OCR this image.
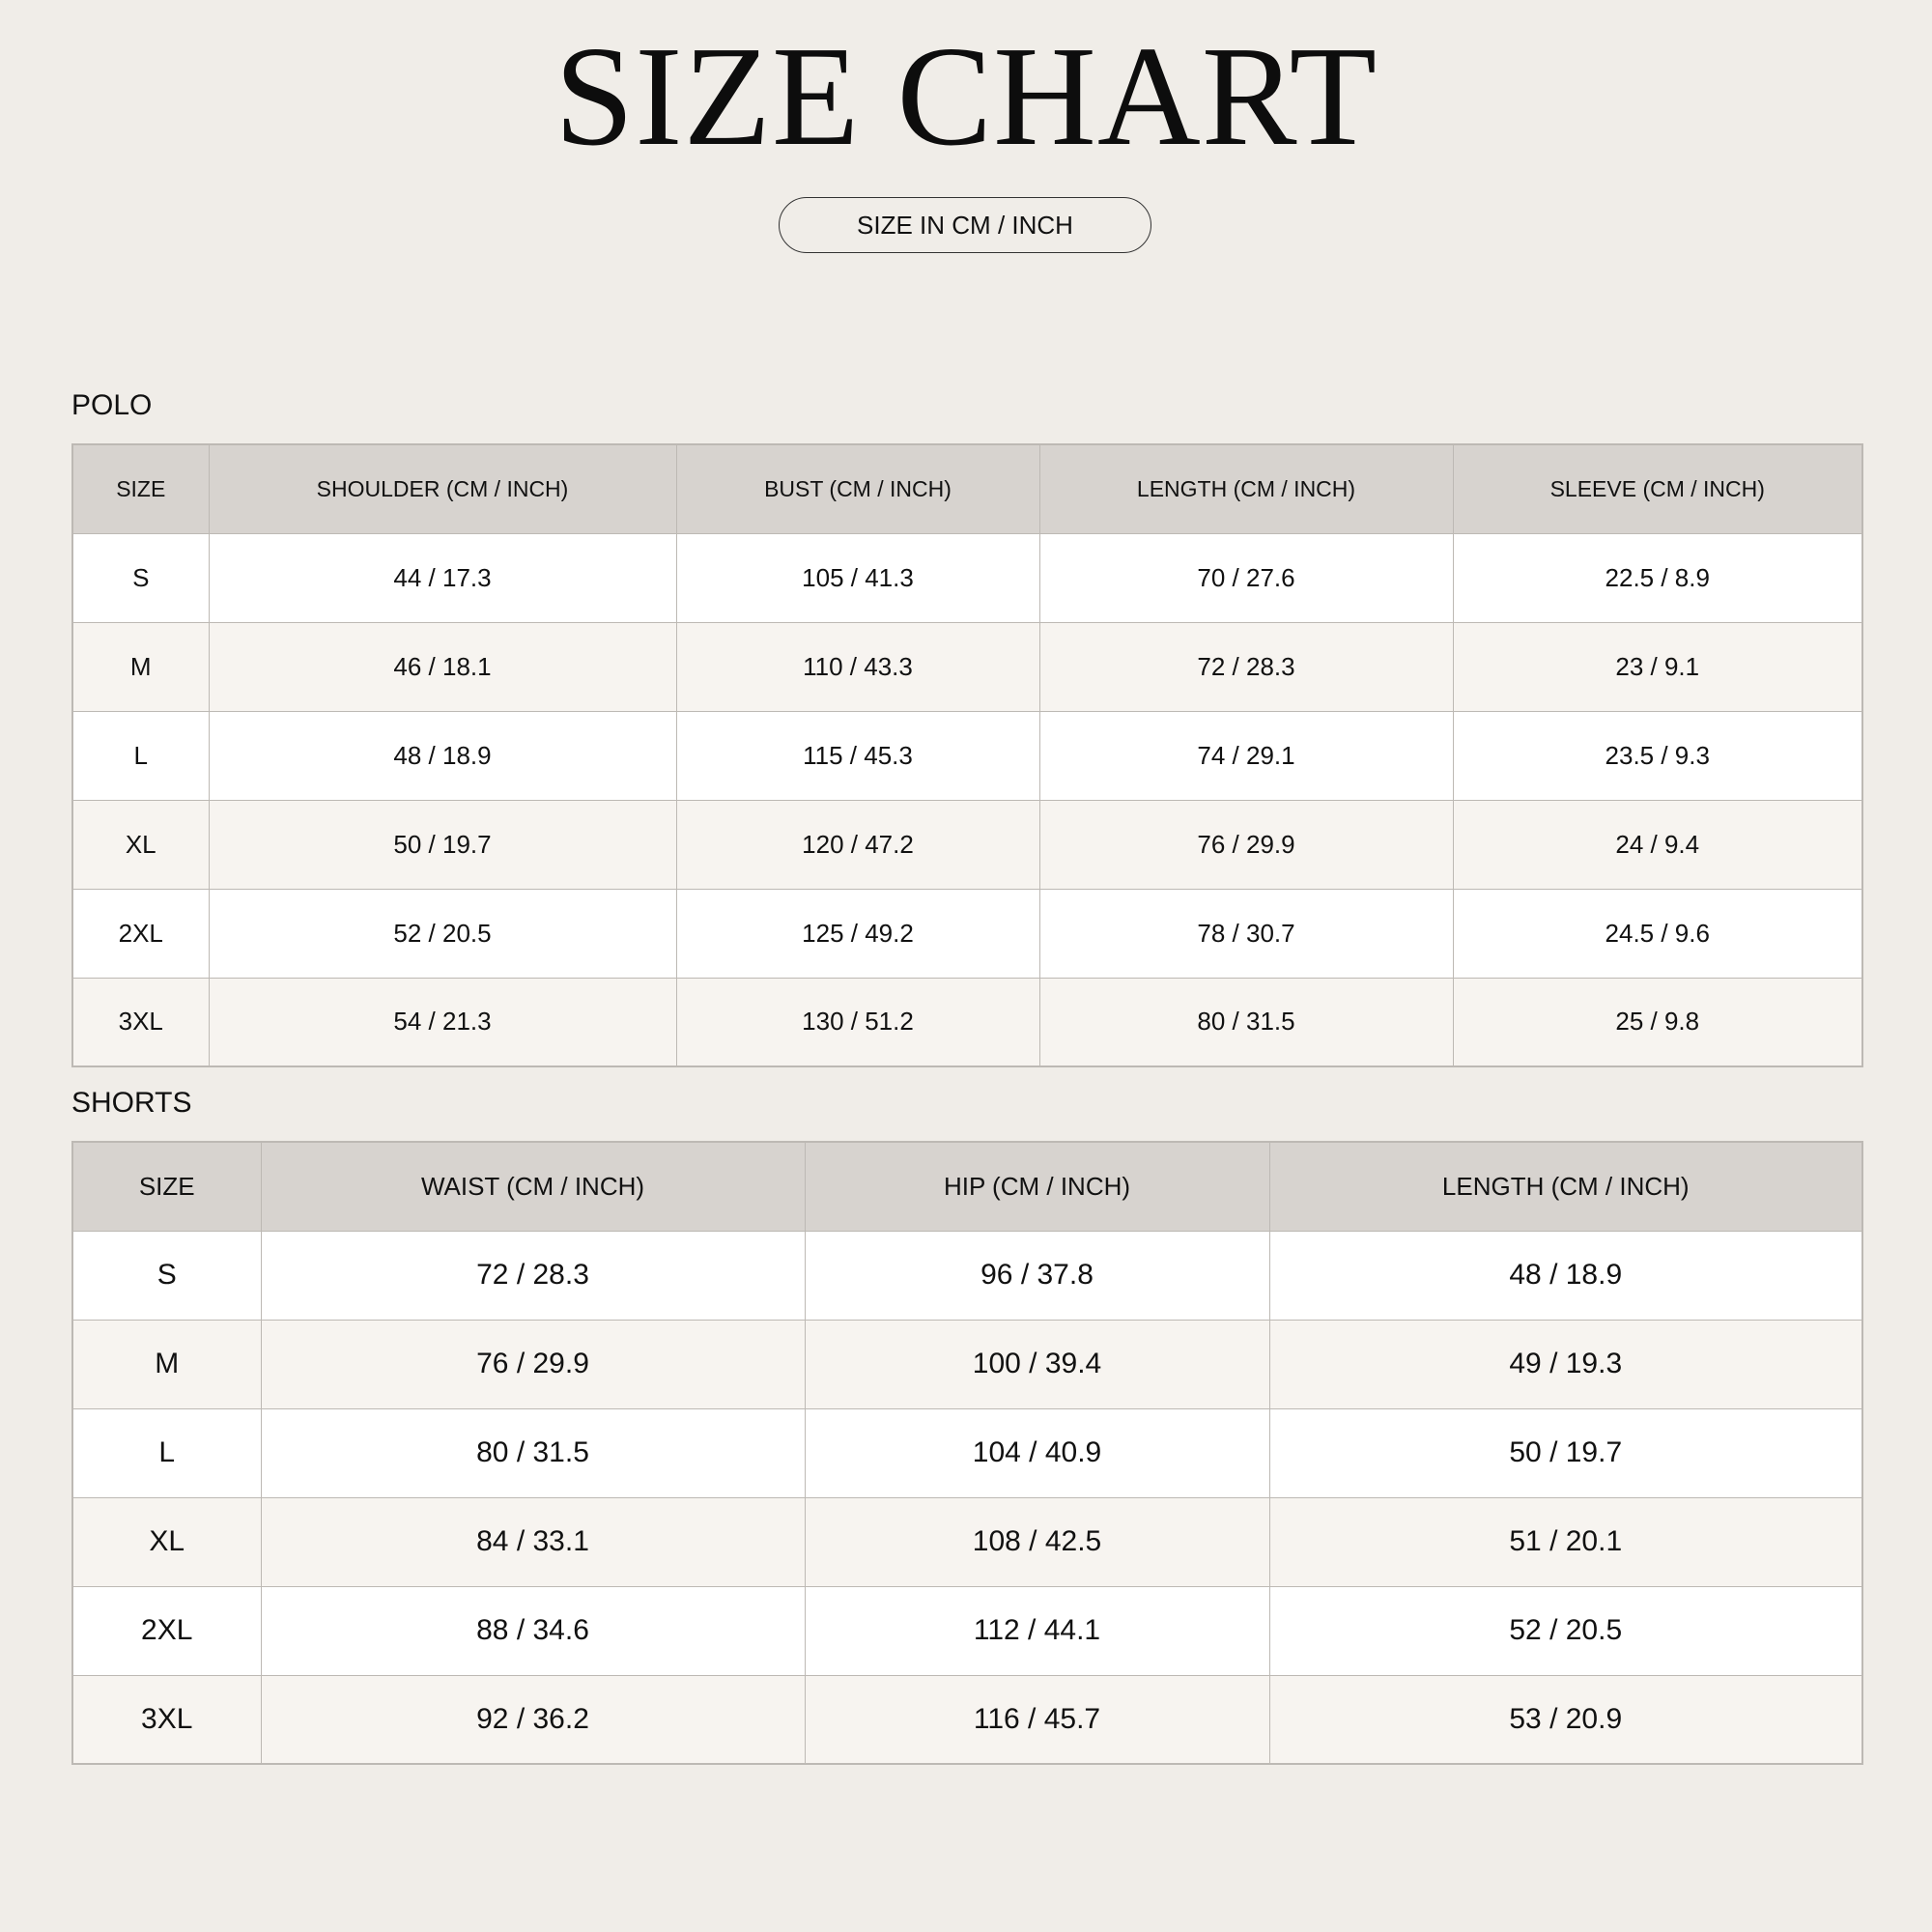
SIZE CHART
SIZE IN CM / INCH
POLO
SIZE	SHOULDER (CM / INCH)	BUST (CM / INCH)	LENGTH (CM / INCH)	SLEEVE (CM / INCH)
S	44 / 17.3	105 / 41.3	70 / 27.6	22.5 / 8.9
M	46 / 18.1	110 / 43.3	72 / 28.3	23 / 9.1
L	48 / 18.9	115 / 45.3	74 / 29.1	23.5 / 9.3
XL	50 / 19.7	120 / 47.2	76 / 29.9	24 / 9.4
2XL	52 / 20.5	125 / 49.2	78 / 30.7	24.5 / 9.6
3XL	54 / 21.3	130 / 51.2	80 / 31.5	25 / 9.8
SHORTS
SIZE	WAIST (CM / INCH)	HIP (CM / INCH)	LENGTH (CM / INCH)
S	72 / 28.3	96 / 37.8	48 / 18.9
M	76 / 29.9	100 / 39.4	49 / 19.3
L	80 / 31.5	104 / 40.9	50 / 19.7
XL	84 / 33.1	108 / 42.5	51 / 20.1
2XL	88 / 34.6	112 / 44.1	52 / 20.5
3XL	92 / 36.2	116 / 45.7	53 / 20.9
